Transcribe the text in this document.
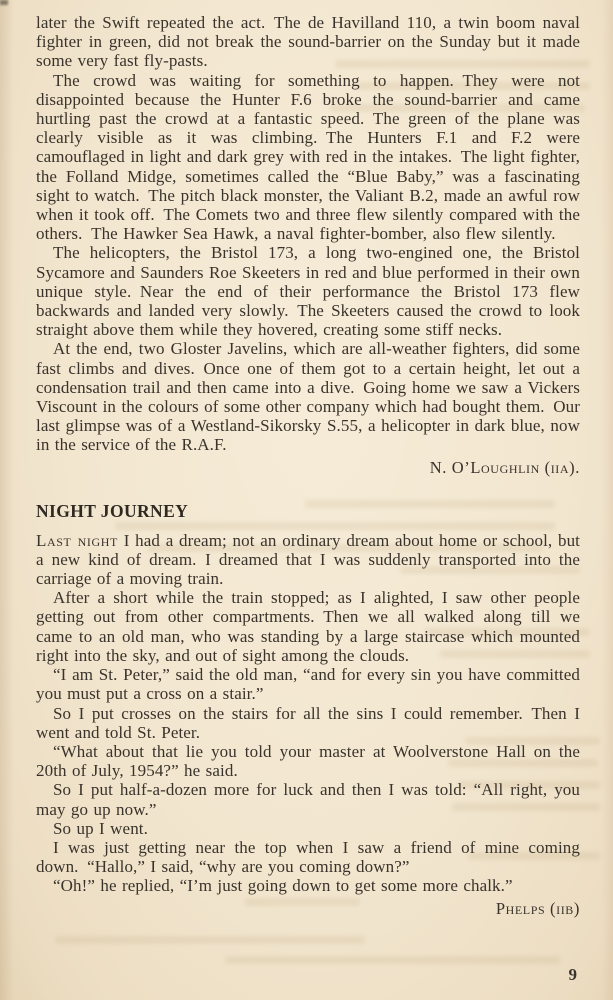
later the Swift repeated the act. The de Havilland 110, a twin boom naval fighter in green, did not break the sound-barrier on the Sunday but it made some very fast fly-pasts.

The crowd was waiting for something to happen. They were not disappointed because the Hunter F.6 broke the sound-barrier and came hurtling past the crowd at a fantastic speed. The green of the plane was clearly visible as it was climbing. The Hunters F.1 and F.2 were camouflaged in light and dark grey with red in the intakes. The light fighter, the Folland Midge, sometimes called the “Blue Baby,” was a fascinating sight to watch. The pitch black monster, the Valiant B.2, made an awful row when it took off. The Comets two and three flew silently compared with the others. The Hawker Sea Hawk, a naval fighter-bomber, also flew silently.

The helicopters, the Bristol 173, a long two-engined one, the Bristol Sycamore and Saunders Roe Skeeters in red and blue performed in their own unique style. Near the end of their performance the Bristol 173 flew backwards and landed very slowly. The Skeeters caused the crowd to look straight above them while they hovered, creating some stiff necks.

At the end, two Gloster Javelins, which are all-weather fighters, did some fast climbs and dives. Once one of them got to a certain height, let out a condensation trail and then came into a dive. Going home we saw a Vickers Viscount in the colours of some other company which had bought them. Our last glimpse was of a Westland-Sikorsky S.55, a helicopter in dark blue, now in the service of the R.A.F.

N. O’Loughlin (iia).
NIGHT JOURNEY

Last night I had a dream; not an ordinary dream about home or school, but a new kind of dream. I dreamed that I was suddenly transported into the carriage of a moving train.

After a short while the train stopped; as I alighted, I saw other people getting out from other compartments. Then we all walked along till we came to an old man, who was standing by a large staircase which mounted right into the sky, and out of sight among the clouds.

“I am St. Peter,” said the old man, “and for every sin you have committed you must put a cross on a stair.”

So I put crosses on the stairs for all the sins I could remember. Then I went and told St. Peter.

“What about that lie you told your master at Woolverstone Hall on the 20th of July, 1954?” he said.

So I put half-a-dozen more for luck and then I was told: “All right, you may go up now.”

So up I went.

I was just getting near the top when I saw a friend of mine coming down. “Hallo,” I said, “why are you coming down?”

“Oh!” he replied, “I’m just going down to get some more chalk.”

Phelps (iib)
9
